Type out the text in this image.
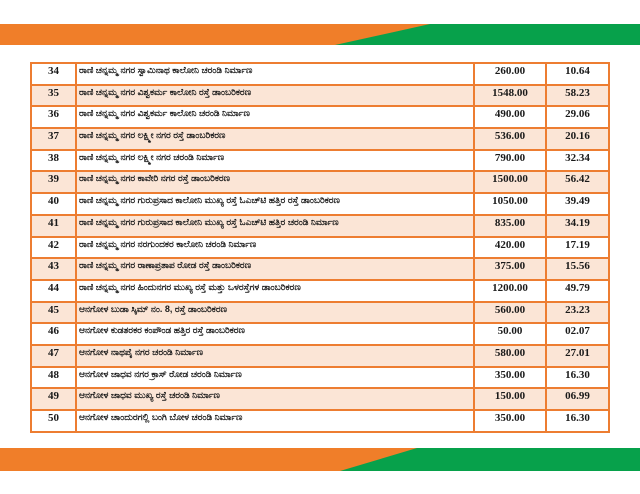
34	ರಾಣಿ ಚನ್ನಮ್ಮ ನಗರ ಸ್ವಾಮಿನಾಥ ಕಾಲೋನಿ ಚರಂಡಿ ನಿರ್ಮಾಣ	260.00	10.64
35	ರಾಣಿ ಚನ್ನಮ್ಮ ನಗರ ವಿಶ್ವಕರ್ಮ ಕಾಲೋನಿ ರಸ್ತೆ ಡಾಂಬರಿಕರಣ	1548.00	58.23
36	ರಾಣಿ ಚನ್ನಮ್ಮ ನಗರ ವಿಶ್ವಕರ್ಮ ಕಾಲೋನಿ ಚರಂಡಿ ನಿರ್ಮಾಣ	490.00	29.06
37	ರಾಣಿ ಚನ್ನಮ್ಮ ನಗರ ಲಕ್ಷ್ಮೀ ನಗರ ರಸ್ತೆ ಡಾಂಬರಿಕರಣ	536.00	20.16
38	ರಾಣಿ ಚನ್ನಮ್ಮ ನಗರ ಲಕ್ಷ್ಮೀ ನಗರ ಚರಂಡಿ ನಿರ್ಮಾಣ	790.00	32.34
39	ರಾಣಿ ಚನ್ನಮ್ಮ ನಗರ ಕಾವೇರಿ ನಗರ ರಸ್ತೆ ಡಾಂಬರಿಕರಣ	1500.00	56.42
40	ರಾಣಿ ಚನ್ನಮ್ಮ ನಗರ ಗುರುಪ್ರಸಾದ ಕಾಲೋನಿ ಮುಖ್ಯ ರಸ್ತೆ ಓಎಚ್‌ಟಿ ಹತ್ತಿರ ರಸ್ತೆ ಡಾಂಬರಿಕರಣ	1050.00	39.49
41	ರಾಣಿ ಚನ್ನಮ್ಮ ನಗರ ಗುರುಪ್ರಸಾದ ಕಾಲೋನಿ ಮುಖ್ಯ ರಸ್ತೆ ಓಎಚ್‌ಟಿ ಹತ್ತಿರ ಚರಂಡಿ ನಿರ್ಮಾಣ	835.00	34.19
42	ರಾಣಿ ಚನ್ನಮ್ಮ ನಗರ ನರಗುಂದಕರ ಕಾಲೋನಿ ಚರಂಡಿ ನಿರ್ಮಾಣ	420.00	17.19
43	ರಾಣಿ ಚನ್ನಮ್ಮ ನಗರ ರಾಣಾಪ್ರತಾಪ ರೋಡ ರಸ್ತೆ ಡಾಂಬರಿಕರಣ	375.00	15.56
44	ರಾಣಿ ಚನ್ನಮ್ಮ ನಗರ ಹಿಂದುನಗರ ಮುಖ್ಯ ರಸ್ತೆ ಮತ್ತು ಒಳರಸ್ತೆಗಳ ಡಾಂಬರಿಕರಣ	1200.00	49.79
45	ಆನಗೋಳ ಬುಡಾ ಸ್ಕಿಮ್ ನಂ. 8, ರಸ್ತೆ ಡಾಂಬರಿಕರಣ	560.00	23.23
46	ಆನಗೋಳ ಕುಡತರಕರ ಕಂಪೌಂಡ ಹತ್ತಿರ ರಸ್ತೆ ಡಾಂಬರಿಕರಣ	50.00	02.07
47	ಆನಗೋಳ ನಾಥಪೈ ನಗರ ಚರಂಡಿ ನಿರ್ಮಾಣ	580.00	27.01
48	ಆನಗೋಳ ಜಾಧವ ನಗರ ಕ್ರಾಸ್ ರೋಡ ಚರಂಡಿ ನಿರ್ಮಾಣ	350.00	16.30
49	ಆನಗೋಳ ಜಾಧವ ಮುಖ್ಯ ರಸ್ತೆ ಚರಂಡಿ ನಿರ್ಮಾಣ	150.00	06.99
50	ಆನಗೋಳ ಚಾಂದುರಗಲ್ಲಿ ಬಂಗಿ ಬೋಳ ಚರಂಡಿ ನಿರ್ಮಾಣ	350.00	16.30
